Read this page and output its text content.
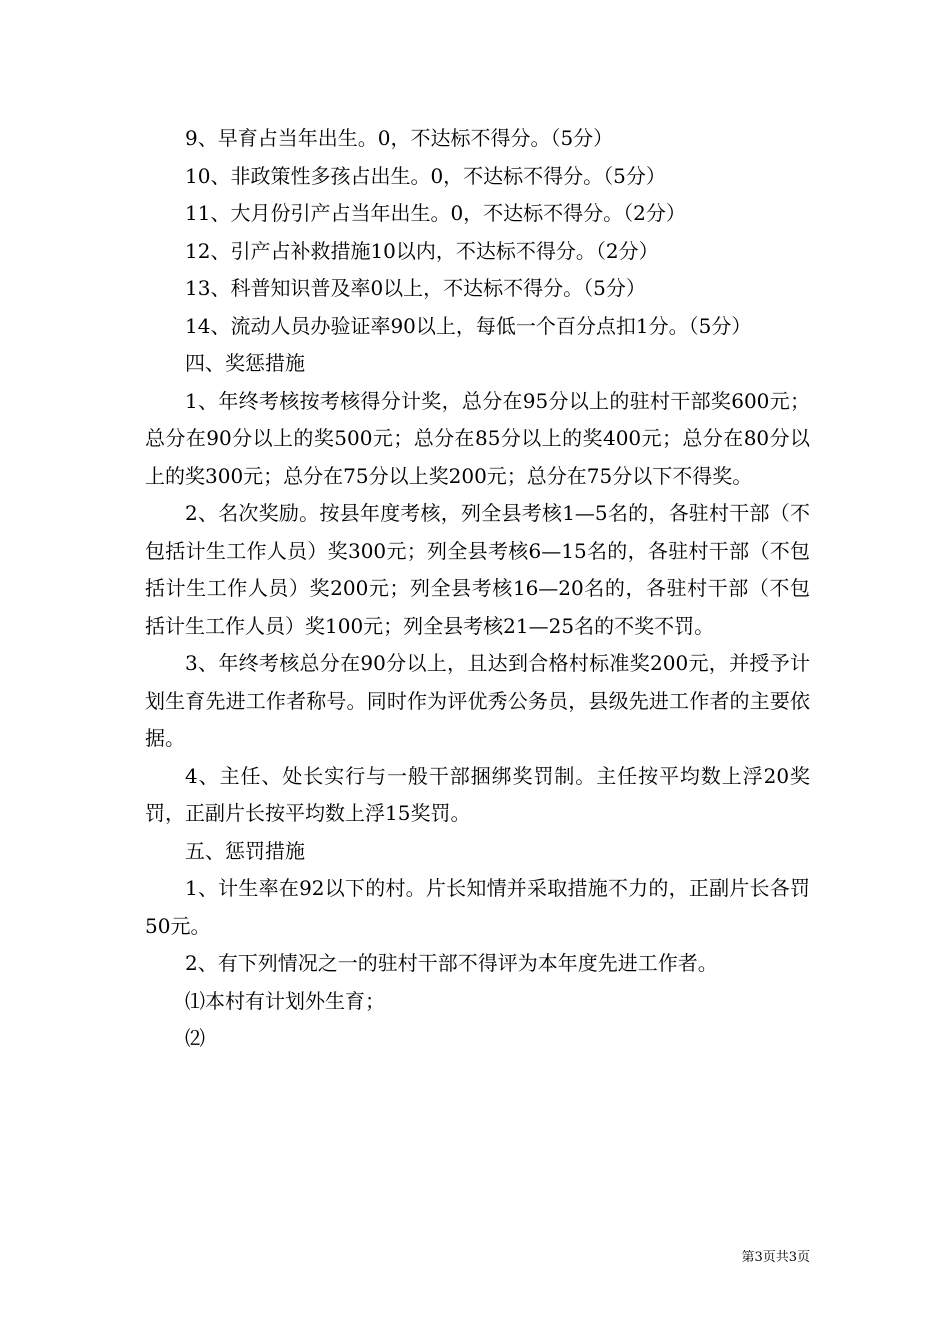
9、早育占当年出生。0，不达标不得分。（5分）

10、非政策性多孩占出生。0，不达标不得分。（5分）

11、大月份引产占当年出生。0，不达标不得分。（2分）

12、引产占补救措施10以内，不达标不得分。（2分）

13、科普知识普及率0以上，不达标不得分。（5分）

14、流动人员办验证率90以上，每低一个百分点扣1分。（5分）

四、奖惩措施

1、年终考核按考核得分计奖，总分在95分以上的驻村干部奖600元；总分在90分以上的奖500元；总分在85分以上的奖400元；总分在80分以上的奖300元；总分在75分以上奖200元；总分在75分以下不得奖。

2、名次奖励。按县年度考核，列全县考核1—5名的，各驻村干部（不包括计生工作人员）奖300元；列全县考核6—15名的，各驻村干部（不包括计生工作人员）奖200元；列全县考核16—20名的，各驻村干部（不包括计生工作人员）奖100元；列全县考核21—25名的不奖不罚。

3、年终考核总分在90分以上，且达到合格村标准奖200元，并授予计划生育先进工作者称号。同时作为评优秀公务员，县级先进工作者的主要依据。

4、主任、处长实行与一般干部捆绑奖罚制。主任按平均数上浮20奖罚，正副片长按平均数上浮15奖罚。

五、惩罚措施

1、计生率在92以下的村。片长知情并采取措施不力的，正副片长各罚50元。

2、有下列情况之一的驻村干部不得评为本年度先进工作者。

⑴本村有计划外生育；

⑵

第3页共3页
